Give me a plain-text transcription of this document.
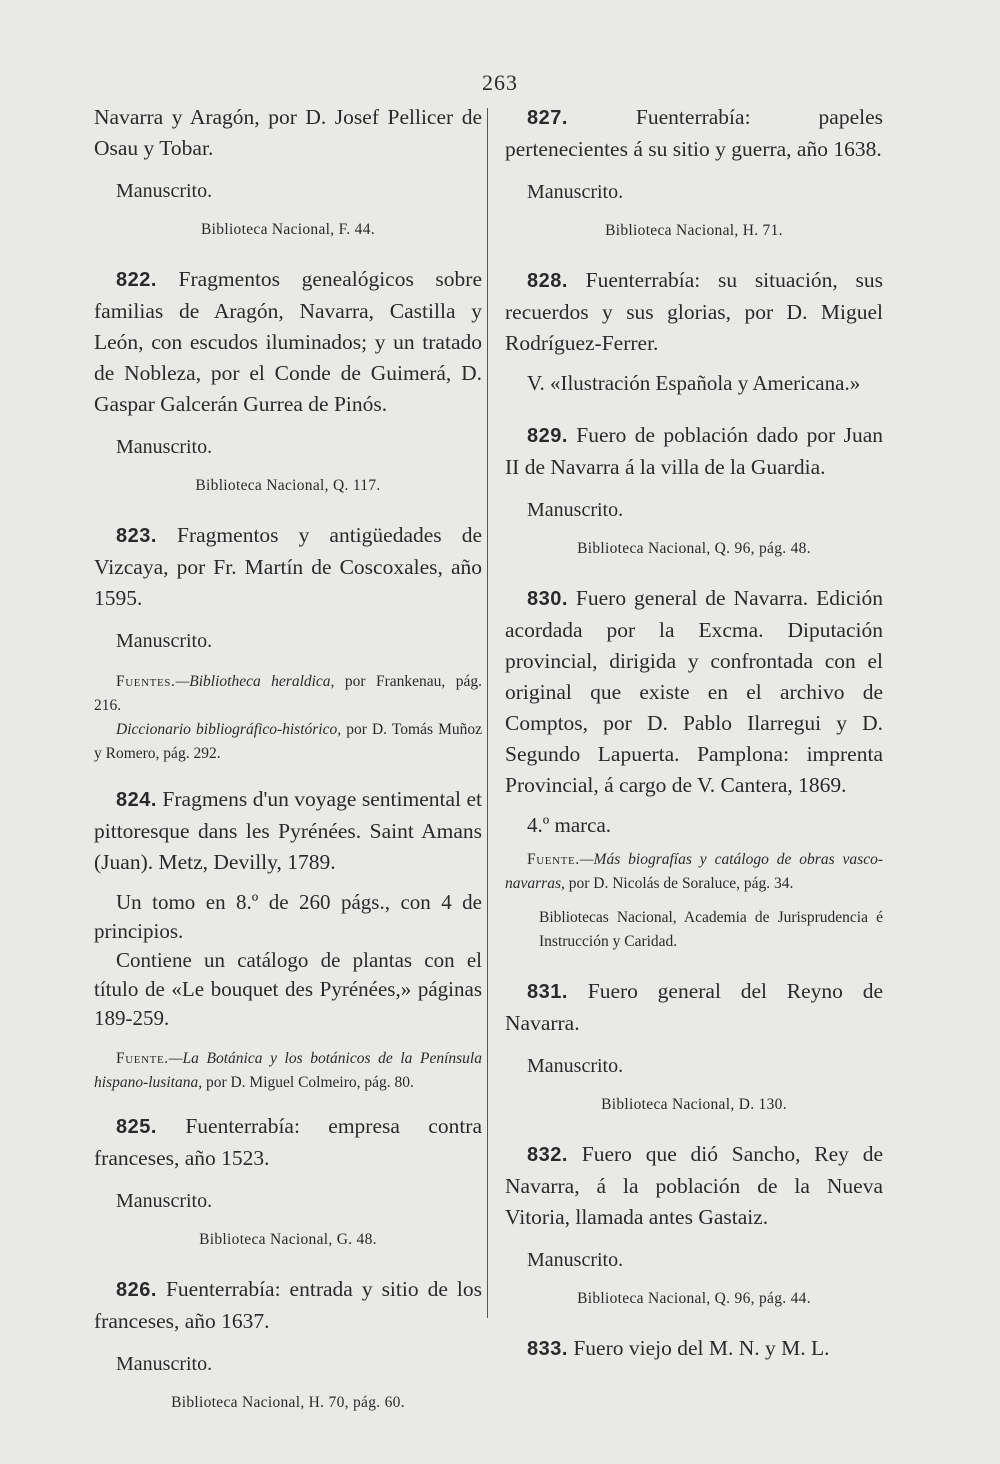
263

Navarra y Aragón, por D. Josef Pellicer de Osau y Tobar.

Manuscrito.
Biblioteca Nacional, F. 44.

822. Fragmentos genealógicos sobre familias de Aragón, Navarra, Castilla y León, con escudos iluminados; y un tratado de Nobleza, por el Conde de Guimerá, D. Gaspar Galcerán Gurrea de Pinós.

Manuscrito.
Biblioteca Nacional, Q. 117.

823. Fragmentos y antigüedades de Vizcaya, por Fr. Martín de Coscoxales, año 1595.

Manuscrito.

Fuentes.—Bibliotheca heraldica, por Frankenau, pág. 216.

Diccionario bibliográfico-histórico, por D. Tomás Muñoz y Romero, pág. 292.

824. Fragmens d'un voyage sentimental et pittoresque dans les Pyrénées. Saint Amans (Juan). Metz, Devilly, 1789.

Un tomo en 8.º de 260 págs., con 4 de principios.

Contiene un catálogo de plantas con el título de «Le bouquet des Pyrénées,» páginas 189-259.

Fuente.—La Botánica y los botánicos de la Península hispano-lusitana, por D. Miguel Colmeiro, pág. 80.

825. Fuenterrabía: empresa contra franceses, año 1523.

Manuscrito.
Biblioteca Nacional, G. 48.

826. Fuenterrabía: entrada y sitio de los franceses, año 1637.

Manuscrito.
Biblioteca Nacional, H. 70, pág. 60.

827.	Fuenterrabía: papeles pertenecientes á su sitio y guerra, año 1638.

Manuscrito.
Biblioteca Nacional, H. 71.

828. Fuenterrabía: su situación, sus recuerdos y sus glorias, por D. Miguel Rodríguez-Ferrer.

V. «Ilustración Española y Americana.»

829. Fuero de población dado por Juan II de Navarra á la villa de la Guardia.

Manuscrito.
Biblioteca Nacional, Q. 96, pág. 48.

830. Fuero general de Navarra. Edición acordada por la Excma. Diputación provincial, dirigida y confrontada con el original que existe en el archivo de Comptos, por D. Pablo Ilarregui y D. Segundo Lapuerta. Pamplona: imprenta Provincial, á cargo de V. Cantera, 1869.

4.º marca.

Fuente.—Más biografías y catálogo de obras vasco-navarras, por D. Nicolás de Soraluce, pág. 34.

Bibliotecas Nacional, Academia de Jurisprudencia é Instrucción y Caridad.

831. Fuero general del Reyno de Navarra.

Manuscrito.
Biblioteca Nacional, D. 130.

832. Fuero que dió Sancho, Rey de Navarra, á la población de la Nueva Vitoria, llamada antes Gastaiz.

Manuscrito.
Biblioteca Nacional, Q. 96, pág. 44.

833. Fuero viejo del M. N. y M. L.
